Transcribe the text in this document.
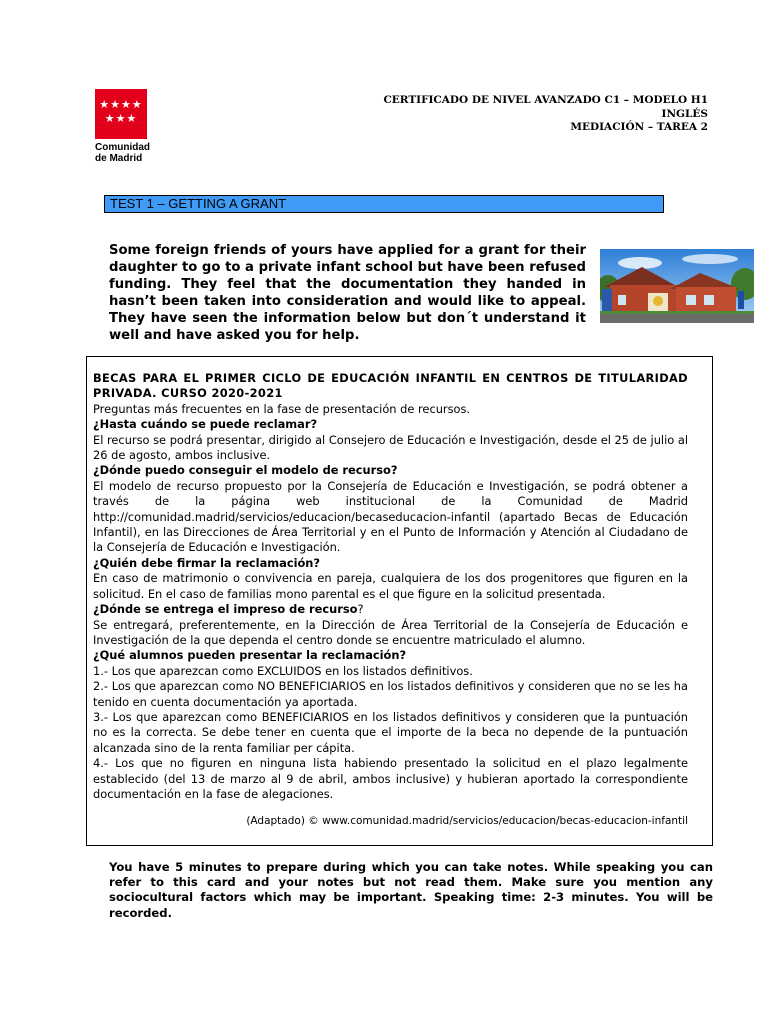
★★★★
★★★
Comunidad
de Madrid
CERTIFICADO DE NIVEL AVANZADO C1 – MODELO H1
INGLÉS
MEDIACIÓN – TAREA 2
TEST 1 – GETTING A GRANT
Some foreign friends of yours have applied for a grant for their daughter to go to a private infant school but have been refused funding. They feel that the documentation they handed in hasn’t been taken into consideration and would like to appeal. They have seen the information below but don´t understand it well and have asked you for help.

BECAS PARA EL PRIMER CICLO DE EDUCACIÓN INFANTIL EN CENTROS DE TITULARIDAD PRIVADA. CURSO 2020-2021

Preguntas más frecuentes en la fase de presentación de recursos.

¿Hasta cuándo se puede reclamar?

El recurso se podrá presentar, dirigido al Consejero de Educación e Investigación, desde el 25 de julio al 26 de agosto, ambos inclusive.

¿Dónde puedo conseguir el modelo de recurso?

El modelo de recurso propuesto por la Consejería de Educación e Investigación, se podrá obtener a través de la página web institucional de la Comunidad de Madrid http://comunidad.madrid/servicios/educacion/becaseducacion-infantil (apartado Becas de Educación Infantil), en las Direcciones de Área Territorial y en el Punto de Información y Atención al Ciudadano de la Consejería de Educación e Investigación.

¿Quién debe firmar la reclamación?

En caso de matrimonio o convivencia en pareja, cualquiera de los dos progenitores que figuren en la solicitud. En el caso de familias mono parental es el que figure en la solicitud presentada.

¿Dónde se entrega el impreso de recurso?

Se entregará, preferentemente, en la Dirección de Área Territorial de la Consejería de Educación e Investigación de la que dependa el centro donde se encuentre matriculado el alumno.

¿Qué alumnos pueden presentar la reclamación?

1.- Los que aparezcan como EXCLUIDOS en los listados definitivos.

2.- Los que aparezcan como NO BENEFICIARIOS en los listados definitivos y consideren que no se les ha tenido en cuenta documentación ya aportada.

3.- Los que aparezcan como BENEFICIARIOS en los listados definitivos y consideren que la puntuación no es la correcta. Se debe tener en cuenta que el importe de la beca no depende de la puntuación alcanzada sino de la renta familiar per cápita.

4.- Los que no figuren en ninguna lista habiendo presentado la solicitud en el plazo legalmente establecido (del 13 de marzo al 9 de abril, ambos inclusive) y hubieran aportado la correspondiente documentación en la fase de alegaciones.

(Adaptado) © www.comunidad.madrid/servicios/educacion/becas-educacion-infantil
You have 5 minutes to prepare during which you can take notes. While speaking you can refer to this card and your notes but not read them. Make sure you mention any sociocultural factors which may be important. Speaking time: 2-3 minutes. You will be recorded.
